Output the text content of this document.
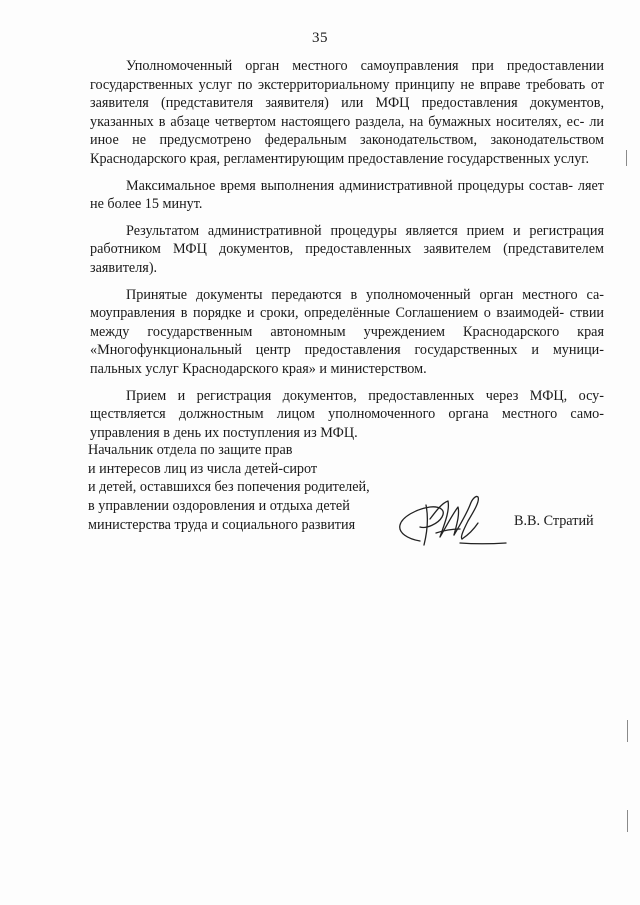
35

Уполномоченный орган местного самоуправления при предоставлении государственных услуг по экстерриториальному принципу не вправе требовать от заявителя (представителя заявителя) или МФЦ предоставления документов, указанных в абзаце четвертом настоящего раздела, на бумажных носителях, ес- ли иное не предусмотрено федеральным законодательством, законодательством Краснодарского края, регламентирующим предоставление государственных услуг.

Максимальное время выполнения административной процедуры состав- ляет не более 15 минут.

Результатом административной процедуры является прием и регистрация работником МФЦ документов, предоставленных заявителем (представителем заявителя).

Принятые документы передаются в уполномоченный орган местного са- моуправления в порядке и сроки, определённые Соглашением о взаимодей- ствии между государственным автономным учреждением Краснодарского края «Многофункциональный центр предоставления государственных и муници- пальных услуг Краснодарского края» и министерством.

Прием и регистрация документов, предоставленных через МФЦ, осу- ществляется должностным лицом уполномоченного органа местного само- управления в день их поступления из МФЦ.

Начальник отдела по защите прав
и интересов лиц из числа детей-сирот
и детей, оставшихся без попечения родителей,
в управлении оздоровления и отдыха детей
министерства труда и социального развития	В.В. Стратий
